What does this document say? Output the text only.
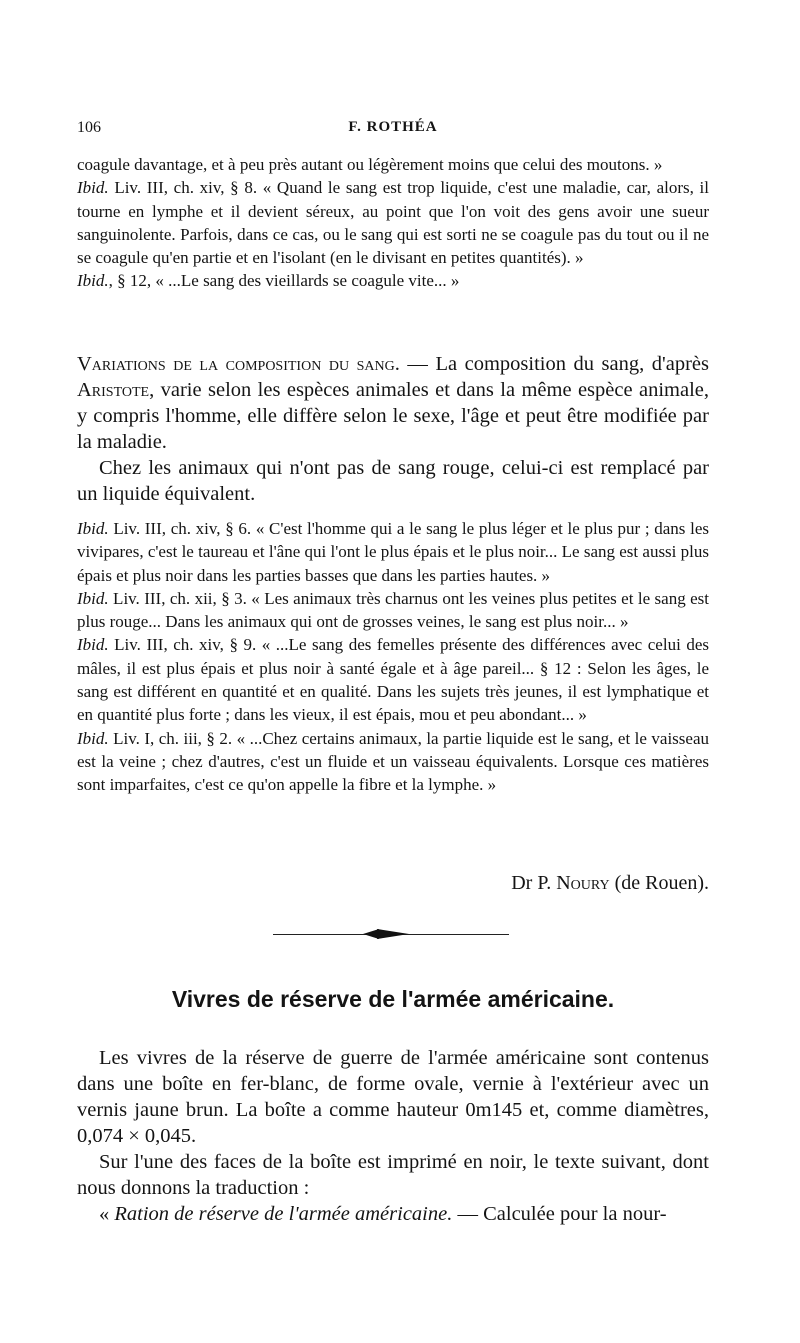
106	F. ROTHÉA

coagule davantage, et à peu près autant ou légèrement moins que celui des moutons. »

Ibid. Liv. III, ch. xiv, § 8. « Quand le sang est trop liquide, c'est une maladie, car, alors, il tourne en lymphe et il devient séreux, au point que l'on voit des gens avoir une sueur sanguinolente. Parfois, dans ce cas, ou le sang qui est sorti ne se coagule pas du tout ou il ne se coagule qu'en partie et en l'isolant (en le divisant en petites quantités). »

Ibid., § 12, « ...Le sang des vieillards se coagule vite... »

Variations de la composition du sang. — La composition du sang, d'après Aristote, varie selon les espèces animales et dans la même espèce animale, y compris l'homme, elle diffère selon le sexe, l'âge et peut être modifiée par la maladie.

Chez les animaux qui n'ont pas de sang rouge, celui-ci est remplacé par un liquide équivalent.

Ibid. Liv. III, ch. xiv, § 6. « C'est l'homme qui a le sang le plus léger et le plus pur ; dans les vivipares, c'est le taureau et l'âne qui l'ont le plus épais et le plus noir... Le sang est aussi plus épais et plus noir dans les parties basses que dans les parties hautes. »

Ibid. Liv. III, ch. xii, § 3. « Les animaux très charnus ont les veines plus petites et le sang est plus rouge... Dans les animaux qui ont de grosses veines, le sang est plus noir... »

Ibid. Liv. III, ch. xiv, § 9. « ...Le sang des femelles présente des différences avec celui des mâles, il est plus épais et plus noir à santé égale et à âge pareil... § 12 : Selon les âges, le sang est différent en quantité et en qualité. Dans les sujets très jeunes, il est lymphatique et en quantité plus forte ; dans les vieux, il est épais, mou et peu abondant... »

Ibid. Liv. I, ch. iii, § 2. « ...Chez certains animaux, la partie liquide est le sang, et le vaisseau est la veine ; chez d'autres, c'est un fluide et un vaisseau équivalents. Lorsque ces matières sont imparfaites, c'est ce qu'on appelle la fibre et la lymphe. »

Dr P. Noury (de Rouen).
Vivres de réserve de l'armée américaine.

Les vivres de la réserve de guerre de l'armée américaine sont contenus dans une boîte en fer-blanc, de forme ovale, vernie à l'extérieur avec un vernis jaune brun. La boîte a comme hauteur 0m145 et, comme diamètres, 0,074 × 0,045.

Sur l'une des faces de la boîte est imprimé en noir, le texte suivant, dont nous donnons la traduction :

« Ration de réserve de l'armée américaine. — Calculée pour la nour-
